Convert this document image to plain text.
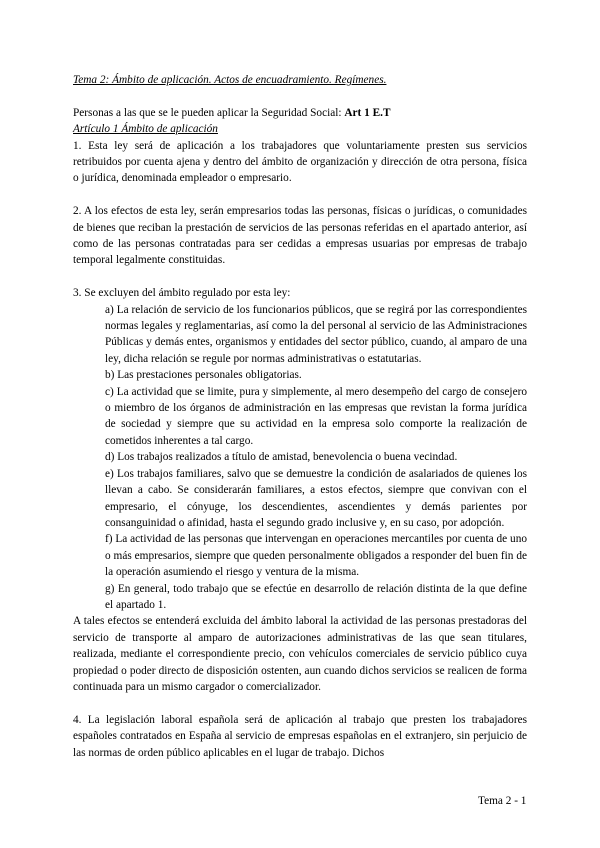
Tema 2: Ámbito de aplicación. Actos de encuadramiento. Regímenes.

Personas a las que se le pueden aplicar la Seguridad Social: Art 1 E.T

Artículo 1 Ámbito de aplicación

1. Esta ley será de aplicación a los trabajadores que voluntariamente presten sus servicios retribuidos por cuenta ajena y dentro del ámbito de organización y dirección de otra persona, física o jurídica, denominada empleador o empresario.

2. A los efectos de esta ley, serán empresarios todas las personas, físicas o jurídicas, o comunidades de bienes que reciban la prestación de servicios de las personas referidas en el apartado anterior, así como de las personas contratadas para ser cedidas a empresas usuarias por empresas de trabajo temporal legalmente constituidas.

3. Se excluyen del ámbito regulado por esta ley:

a) La relación de servicio de los funcionarios públicos, que se regirá por las correspondientes normas legales y reglamentarias, así como la del personal al servicio de las Administraciones Públicas y demás entes, organismos y entidades del sector público, cuando, al amparo de una ley, dicha relación se regule por normas administrativas o estatutarias.

b) Las prestaciones personales obligatorias.

c) La actividad que se limite, pura y simplemente, al mero desempeño del cargo de consejero o miembro de los órganos de administración en las empresas que revistan la forma jurídica de sociedad y siempre que su actividad en la empresa solo comporte la realización de cometidos inherentes a tal cargo.

d) Los trabajos realizados a título de amistad, benevolencia o buena vecindad.

e) Los trabajos familiares, salvo que se demuestre la condición de asalariados de quienes los llevan a cabo. Se considerarán familiares, a estos efectos, siempre que convivan con el empresario, el cónyuge, los descendientes, ascendientes y demás parientes por consanguinidad o afinidad, hasta el segundo grado inclusive y, en su caso, por adopción.

f) La actividad de las personas que intervengan en operaciones mercantiles por cuenta de uno o más empresarios, siempre que queden personalmente obligados a responder del buen fin de la operación asumiendo el riesgo y ventura de la misma.

g) En general, todo trabajo que se efectúe en desarrollo de relación distinta de la que define el apartado 1.

A tales efectos se entenderá excluida del ámbito laboral la actividad de las personas prestadoras del servicio de transporte al amparo de autorizaciones administrativas de las que sean titulares, realizada, mediante el correspondiente precio, con vehículos comerciales de servicio público cuya propiedad o poder directo de disposición ostenten, aun cuando dichos servicios se realicen de forma continuada para un mismo cargador o comercializador.

4. La legislación laboral española será de aplicación al trabajo que presten los trabajadores españoles contratados en España al servicio de empresas españolas en el extranjero, sin perjuicio de las normas de orden público aplicables en el lugar de trabajo. Dichos

Tema 2 - 1
